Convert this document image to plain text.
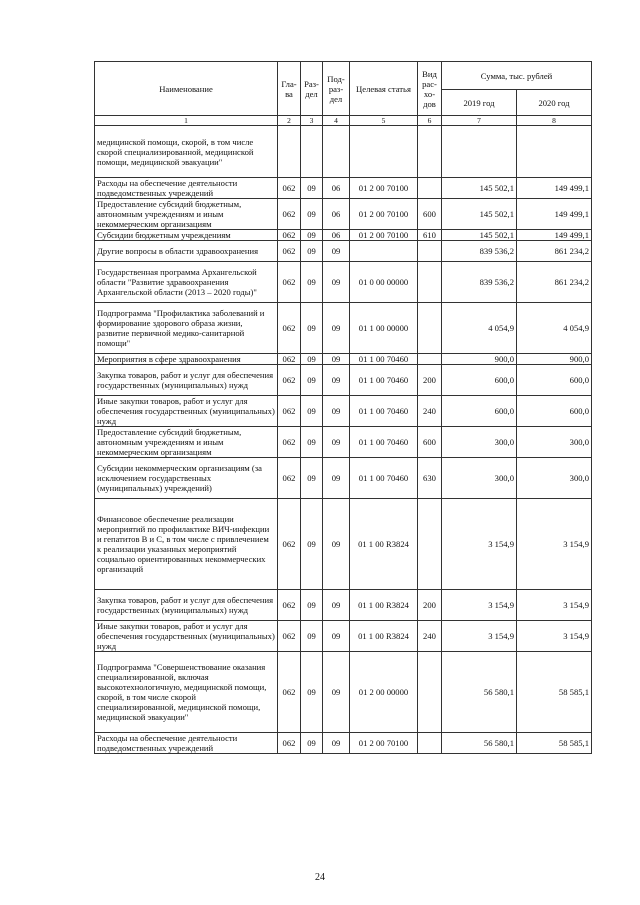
Наименование	Гла-ва	Раз-дел	Под-раз-дел	Целевая статья	Вид рас-хо-дов	Сумма, тыс. рублей	
						2019 год	2020 год
1	2	3	4	5	6	7	8
медицинской помощи, скорой, в том числе скорой специализированной, медицинской помощи, медицинской эвакуации"							
Расходы на обеспечение деятельности подведомственных учреждений	062	09	06	01 2 00 70100		145 502,1	149 499,1
Предоставление субсидий бюджетным, автономным учреждениям и иным некоммерческим организациям	062	09	06	01 2 00 70100	600	145 502,1	149 499,1
Субсидии бюджетным учреждениям	062	09	06	01 2 00 70100	610	145 502,1	149 499,1
Другие вопросы в области здравоохранения	062	09	09			839 536,2	861 234,2
Государственная программа Архангельской области "Развитие здравоохранения Архангельской области (2013 – 2020 годы)"	062	09	09	01 0 00 00000		839 536,2	861 234,2
Подпрограмма "Профилактика заболеваний и формирование здорового образа жизни, развитие первичной медико-санитарной помощи"	062	09	09	01 1 00 00000		4 054,9	4 054,9
Мероприятия в сфере здравоохранения	062	09	09	01 1 00 70460		900,0	900,0
Закупка товаров, работ и услуг для обеспечения государственных (муниципальных) нужд	062	09	09	01 1 00 70460	200	600,0	600,0
Иные закупки товаров, работ и услуг для обеспечения государственных (муниципальных) нужд	062	09	09	01 1 00 70460	240	600,0	600,0
Предоставление субсидий бюджетным, автономным учреждениям и иным некоммерческим организациям	062	09	09	01 1 00 70460	600	300,0	300,0
Субсидии некоммерческим организациям (за исключением государственных (муниципальных) учреждений)	062	09	09	01 1 00 70460	630	300,0	300,0
Финансовое обеспечение реализации мероприятий по профилактике ВИЧ-инфекции и гепатитов B и C, в том числе с привлечением к реализации указанных мероприятий социально ориентированных некоммерческих организаций	062	09	09	01 1 00 R3824		3 154,9	3 154,9
Закупка товаров, работ и услуг для обеспечения государственных (муниципальных) нужд	062	09	09	01 1 00 R3824	200	3 154,9	3 154,9
Иные закупки товаров, работ и услуг для обеспечения государственных (муниципальных) нужд	062	09	09	01 1 00 R3824	240	3 154,9	3 154,9
Подпрограмма "Совершенствование оказания специализированной, включая высокотехнологичную, медицинской помощи, скорой, в том числе скорой специализированной, медицинской помощи, медицинской эвакуации"	062	09	09	01 2 00 00000		56 580,1	58 585,1
Расходы на обеспечение деятельности подведомственных учреждений	062	09	09	01 2 00 70100		56 580,1	58 585,1
24
